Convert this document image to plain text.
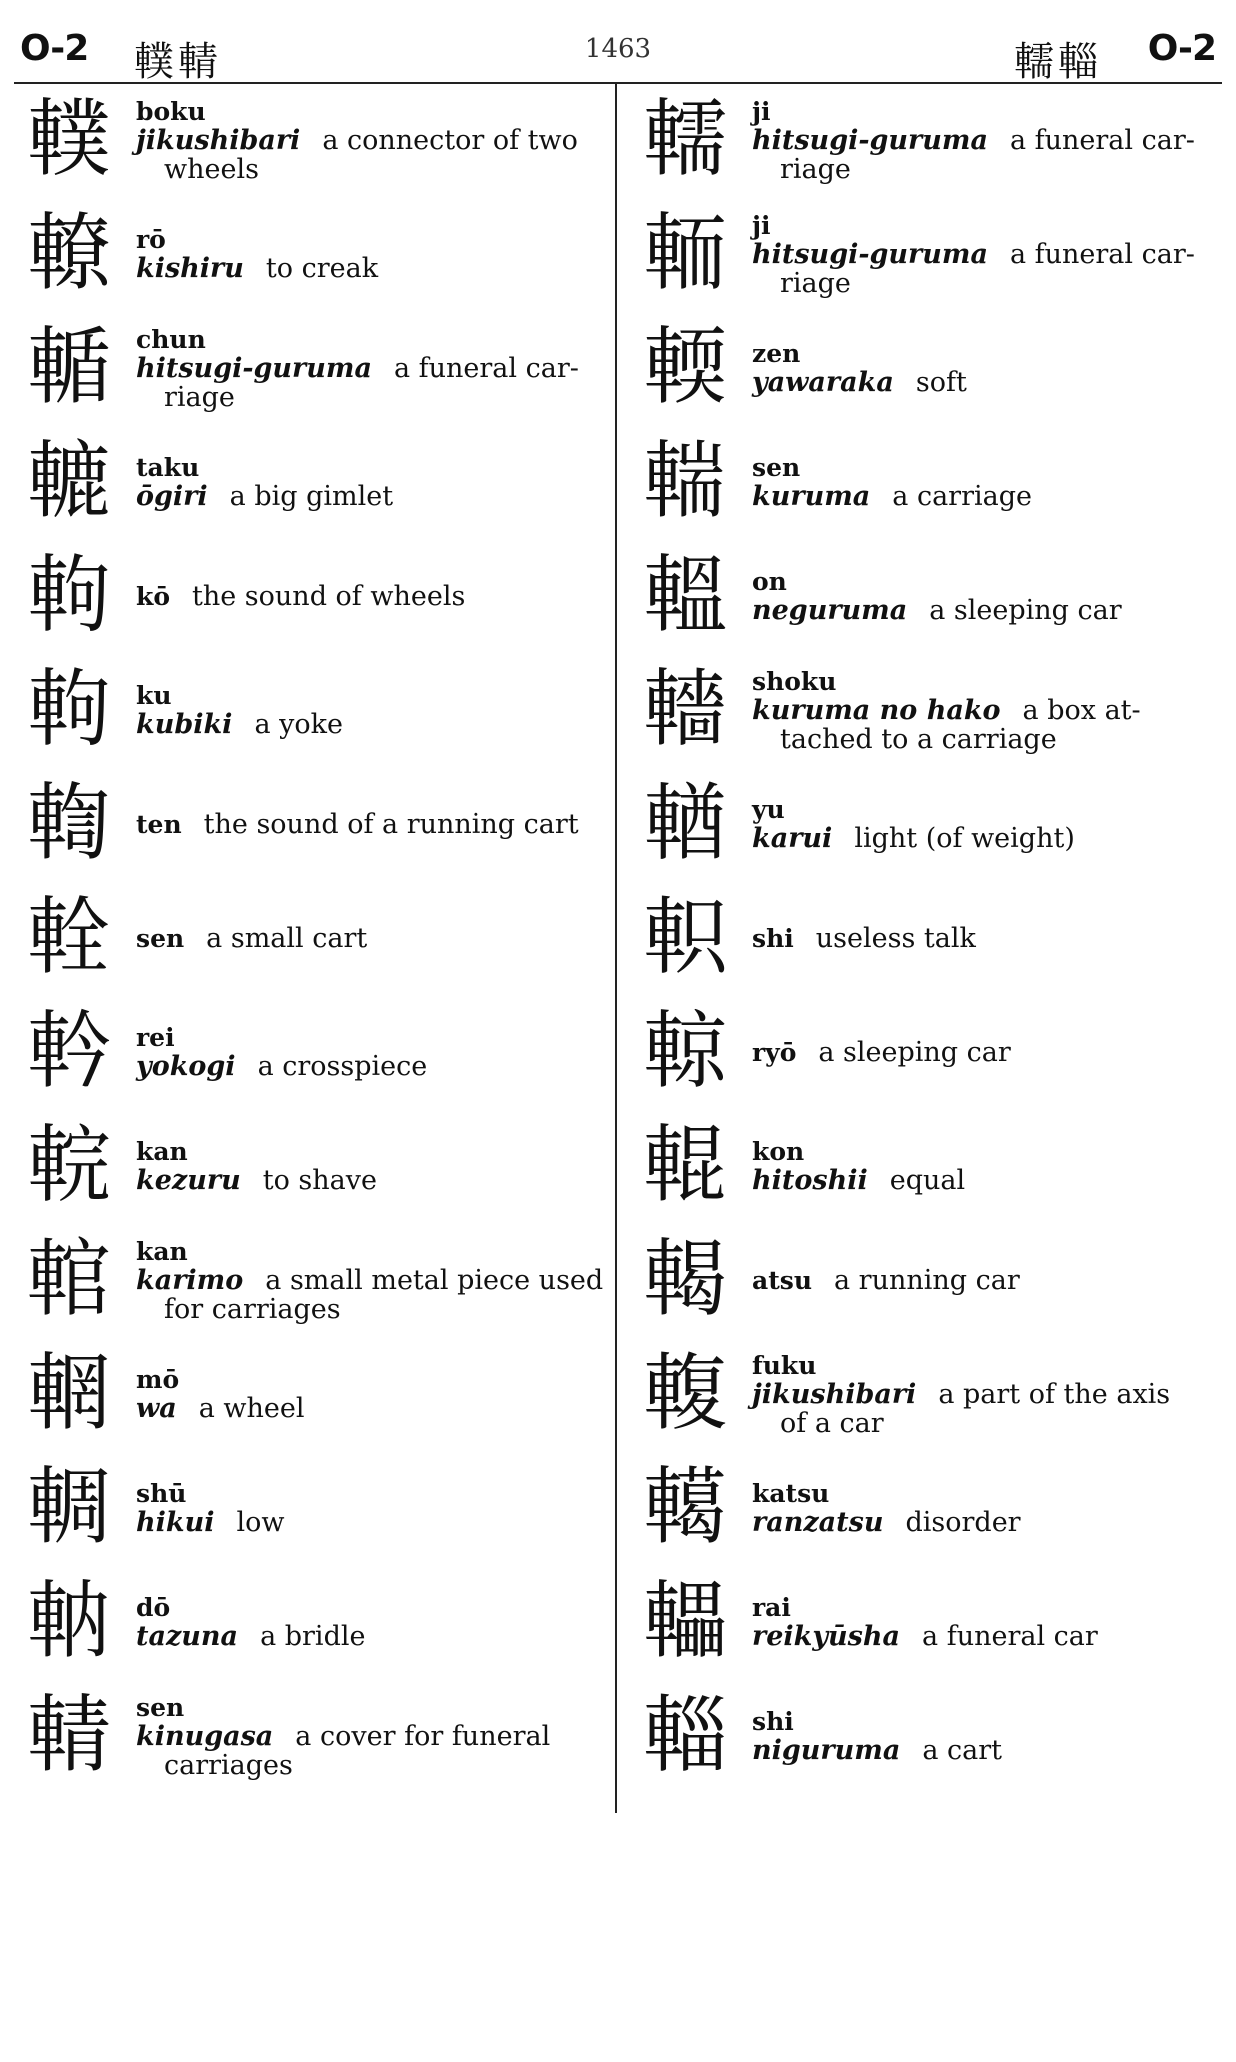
O-2 轐輤	1463	轜輜 O-2
轐 boku
jikushibari a connector of two
wheels
轑 rō
kishiru to creak
輴 chun
hitsugi-guruma a funeral car-
riage
轆 taku
ōgiri a big gimlet
軥 kō the sound of wheels
軥 ku
kubiki a yoke
輷 ten the sound of a running cart
輇 sen a small cart
軡 rei
yokogi a crosspiece
輐 kan
kezuru to shave
輨 kan
karimo a small metal piece used
for carriages
輞 mō
wa a wheel
輖 shū
hikui low
軜 dō
tazuna a bridle
輤 sen
kinugasa a cover for funeral
carriages
轜 ji
hitsugi-guruma a funeral car-
riage
輀 ji
hitsugi-guruma a funeral car-
riage
輭 zen
yawaraka soft
輲 sen
kuruma a carriage
轀 on
neguruma a sleeping car
轖 shoku
kuruma no hako a box at-
tached to a carriage
輶 yu
karui light (of weight)
軹 shi useless talk
輬 ryō a sleeping car
輥 kon
hitoshii equal
輵 atsu a running car
輹 fuku
jikushibari a part of the axis
of a car
轕 katsu
ranzatsu disorder
轠 rai
reikyūsha a funeral car
輜 shi
niguruma a cart
